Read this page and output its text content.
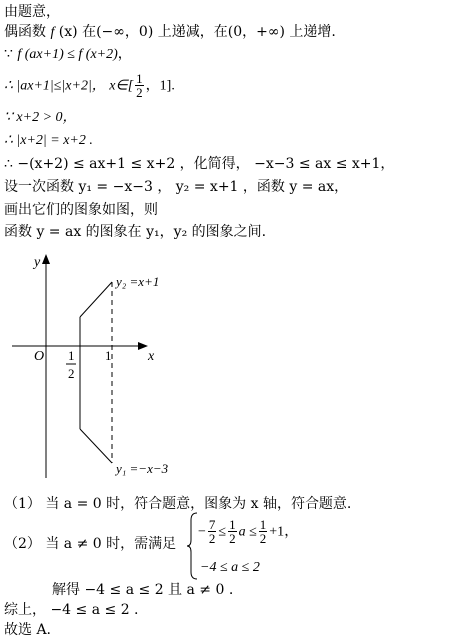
由题意，
偶函数 f (x) 在(−∞，0) 上递减，在(0，+∞) 上递增.
∵ f (ax+1) ≤ f (x+2)，
∴ |ax+1|≤|x+2|， x∈[ $\frac{1}{2}$ ，1].
∵ x+2 > 0，
∴ |x+2| = x+2 .
∴ −(x+2) ≤ ax+1 ≤ x+2 ，化简得， −x−3 ≤ ax ≤ x+1，
设一次函数 y₁ = −x−3 ， y₂ = x+1 ，函数 y = ax，
画出它们的图象如图，则
函数 y = ax 的图象在 y₁，y₂ 的图象之间.
y
x
O 1
2
1
y₂ =x+1
y₁ =−x−3
（1） 当 a = 0 时，符合题意，图象为 x 轴，符合题意.
（2） 当 a ≠ 0 时，需满足
− $\frac{7}{2} \le \frac{1}{2}$ $a \le \frac{1}{2} +1$，
−4 ≤ a ≤ 2
解得 −4 ≤ a ≤ 2 且 a ≠ 0 .
综上， −4 ≤ a ≤ 2 .
故选 A.
